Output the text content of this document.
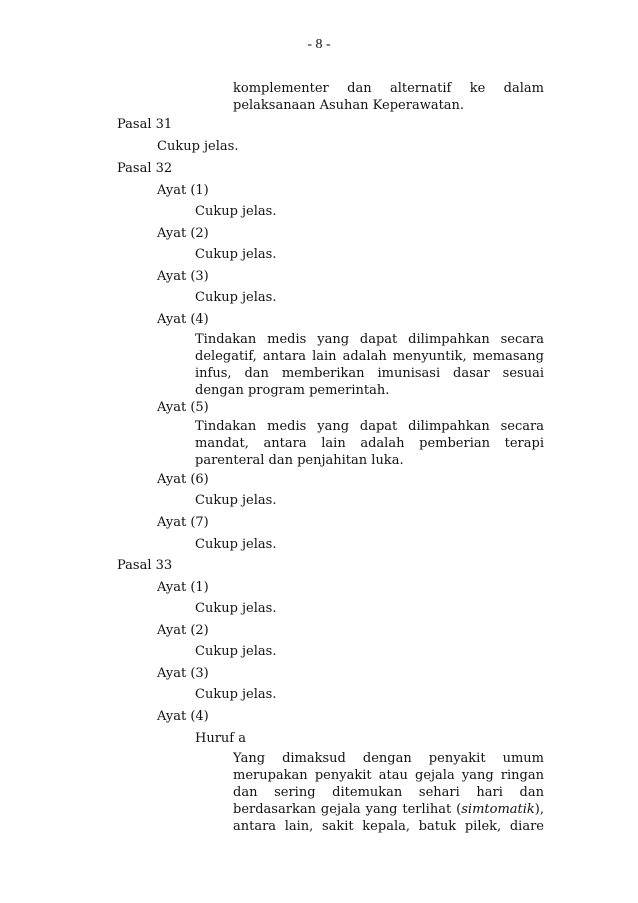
- 8 -
komplementer dan alternatif ke dalam pelaksanaan Asuhan Keperawatan.
Pasal 31
Cukup jelas.
Pasal 32
Ayat (1)
Cukup jelas.
Ayat (2)
Cukup jelas.
Ayat (3)
Cukup jelas.
Ayat (4)
Tindakan medis yang dapat dilimpahkan secara delegatif, antara lain adalah menyuntik, memasang infus, dan memberikan imunisasi dasar sesuai dengan program pemerintah.
Ayat (5)
Tindakan medis yang dapat dilimpahkan secara mandat, antara lain adalah pemberian terapi parenteral dan penjahitan luka.
Ayat (6)
Cukup jelas.
Ayat (7)
Cukup jelas.
Pasal 33
Ayat (1)
Cukup jelas.
Ayat (2)
Cukup jelas.
Ayat (3)
Cukup jelas.
Ayat (4)
Huruf a
Yang dimaksud dengan penyakit umum merupakan penyakit atau gejala yang ringan dan sering ditemukan sehari hari dan berdasarkan gejala yang terlihat (simtomatik), antara lain, sakit kepala, batuk pilek, diare
